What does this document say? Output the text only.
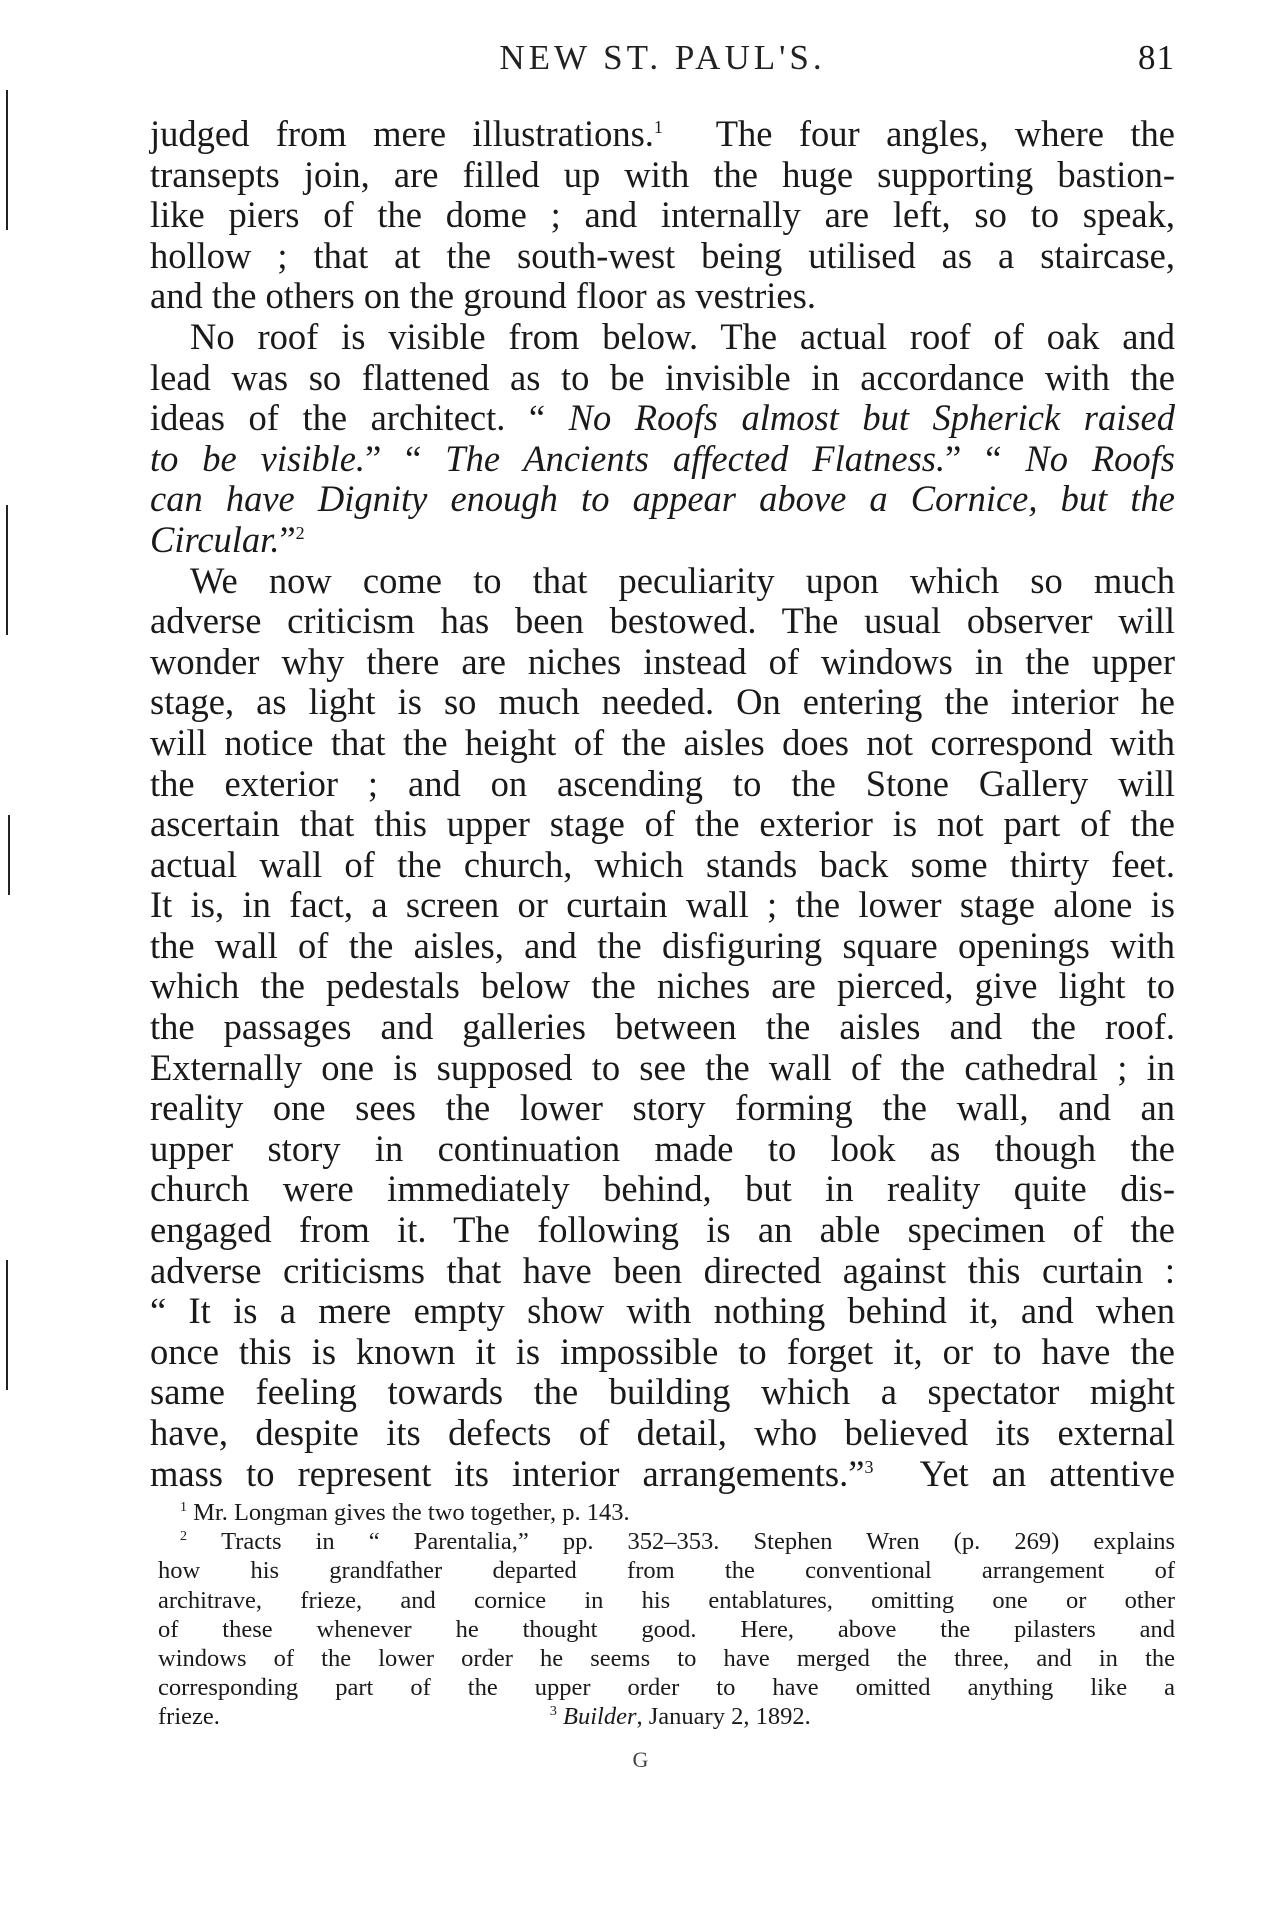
NEW ST. PAUL'S.	81
judged from mere illustrations.$^1$ The four angles, where the
transepts join, are filled up with the huge supporting bastion-
like piers of the dome ; and internally are left, so to speak,
hollow ; that at the south-west being utilised as a staircase,
and the others on the ground floor as vestries.
No roof is visible from below. The actual roof of oak and
lead was so flattened as to be invisible in accordance with the
ideas of the architect. “ No Roofs almost but Spherick raised
to be visible.” “ The Ancients affected Flatness.” “ No Roofs
can have Dignity enough to appear above a Cornice, but the
Circular.”$^2$
We now come to that peculiarity upon which so much
adverse criticism has been bestowed. The usual observer will
wonder why there are niches instead of windows in the upper
stage, as light is so much needed. On entering the interior he
will notice that the height of the aisles does not correspond with
the exterior ; and on ascending to the Stone Gallery will
ascertain that this upper stage of the exterior is not part of the
actual wall of the church, which stands back some thirty feet.
It is, in fact, a screen or curtain wall ; the lower stage alone is
the wall of the aisles, and the disfiguring square openings with
which the pedestals below the niches are pierced, give light to
the passages and galleries between the aisles and the roof.
Externally one is supposed to see the wall of the cathedral ; in
reality one sees the lower story forming the wall, and an
upper story in continuation made to look as though the
church were immediately behind, but in reality quite dis-
engaged from it. The following is an able specimen of the
adverse criticisms that have been directed against this curtain :
“ It is a mere empty show with nothing behind it, and when
once this is known it is impossible to forget it, or to have the
same feeling towards the building which a spectator might
have, despite its defects of detail, who believed its external
mass to represent its interior arrangements.”$^3$ Yet an attentive
$^1$ Mr. Longman gives the two together, p. 143.
$^2$ Tracts in “ Parentalia,” pp. 352–353. Stephen Wren (p. 269) explains
how his grandfather departed from the conventional arrangement of
architrave, frieze, and cornice in his entablatures, omitting one or other
of these whenever he thought good. Here, above the pilasters and
windows of the lower order he seems to have merged the three, and in the
corresponding part of the upper order to have omitted anything like a
frieze.	$^3$ Builder, January 2, 1892.
G
